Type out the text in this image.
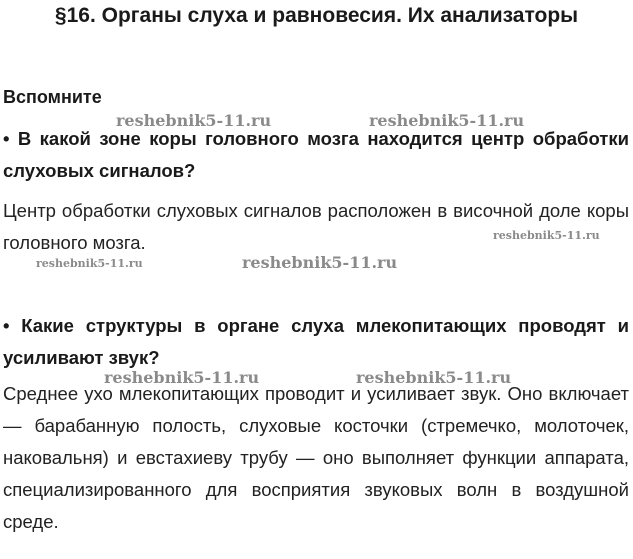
§16. Органы слуха и равновесия. Их анализаторы
Вспомните
• В какой зоне коры головного мозга находится центр обработки слуховых сигналов?
Центр обработки слуховых сигналов расположен в височной доле коры головного мозга.
• Какие структуры в органе слуха млекопитающих проводят и усиливают звук?
Среднее ухо млекопитающих проводит и усиливает звук. Оно включает — барабанную полость, слуховые косточки (стремечко, молоточек, наковальня) и евстахиеву трубу — оно выполняет функции аппарата, специализированного для восприятия звуковых волн в воздушной среде.
reshebnik5-11.ru	reshebnik5-11.ru
reshebnik5-11.ru
reshebnik5-11.ru	reshebnik5-11.ru
reshebnik5-11.ru	reshebnik5-11.ru
